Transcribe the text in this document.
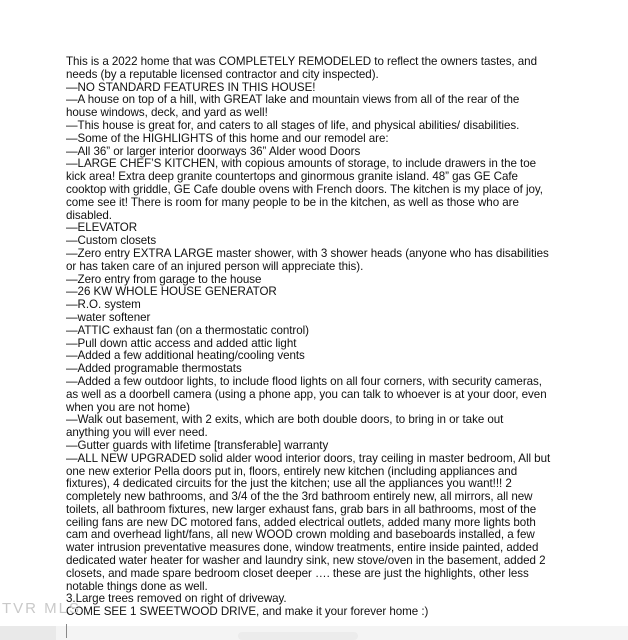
This is a 2022 home that was COMPLETELY REMODELED to reflect the owners tastes, and
needs (by a reputable licensed contractor and city inspected).
—NO STANDARD FEATURES IN THIS HOUSE!
—A house on top of a hill, with GREAT lake and mountain views from all of the rear of the
house windows, deck, and yard as well!
—This house is great for, and caters to all stages of life, and physical abilities/ disabilities.
—Some of the HIGHLIGHTS of this home and our remodel are:
—All 36” or larger interior doorways 36” Alder wood Doors
—LARGE CHEF’S KITCHEN, with copious amounts of storage, to include drawers in the toe
kick area! Extra deep granite countertops and ginormous granite island. 48” gas GE Cafe
cooktop with griddle, GE Cafe double ovens with French doors. The kitchen is my place of joy,
come see it! There is room for many people to be in the kitchen, as well as those who are
disabled.
—ELEVATOR
—Custom closets
—Zero entry EXTRA LARGE master shower, with 3 shower heads (anyone who has disabilities
or has taken care of an injured person will appreciate this).
—Zero entry from garage to the house
—26 KW WHOLE HOUSE GENERATOR
—R.O. system
—water softener
—ATTIC exhaust fan (on a thermostatic control)
—Pull down attic access and added attic light
—Added a few additional heating/cooling vents
—Added programable thermostats
—Added a few outdoor lights, to include flood lights on all four corners, with security cameras,
as well as a doorbell camera (using a phone app, you can talk to whoever is at your door, even
when you are not home)
—Walk out basement, with 2 exits, which are both double doors, to bring in or take out
anything you will ever need.
—Gutter guards with lifetime [transferable] warranty
—ALL NEW UPGRADED solid alder wood interior doors, tray ceiling in master bedroom, All but
one new exterior Pella doors put in, floors, entirely new kitchen (including appliances and
fixtures), 4 dedicated circuits for the just the kitchen; use all the appliances you want!!! 2
completely new bathrooms, and 3/4 of the the 3rd bathroom entirely new, all mirrors, all new
toilets, all bathroom fixtures, new larger exhaust fans, grab bars in all bathrooms, most of the
ceiling fans are new DC motored fans, added electrical outlets, added many more lights both
cam and overhead light/fans, all new WOOD crown molding and baseboards installed, a few
water intrusion preventative measures done, window treatments, entire inside painted, added
dedicated water heater for washer and laundry sink, new stove/oven in the basement, added 2
closets, and made spare bedroom closet deeper …. these are just the highlights, other less
notable things done as well.
3.Large trees removed on right of driveway.
COME SEE 1 SWEETWOOD DRIVE, and make it your forever home :)
TVR MLS
